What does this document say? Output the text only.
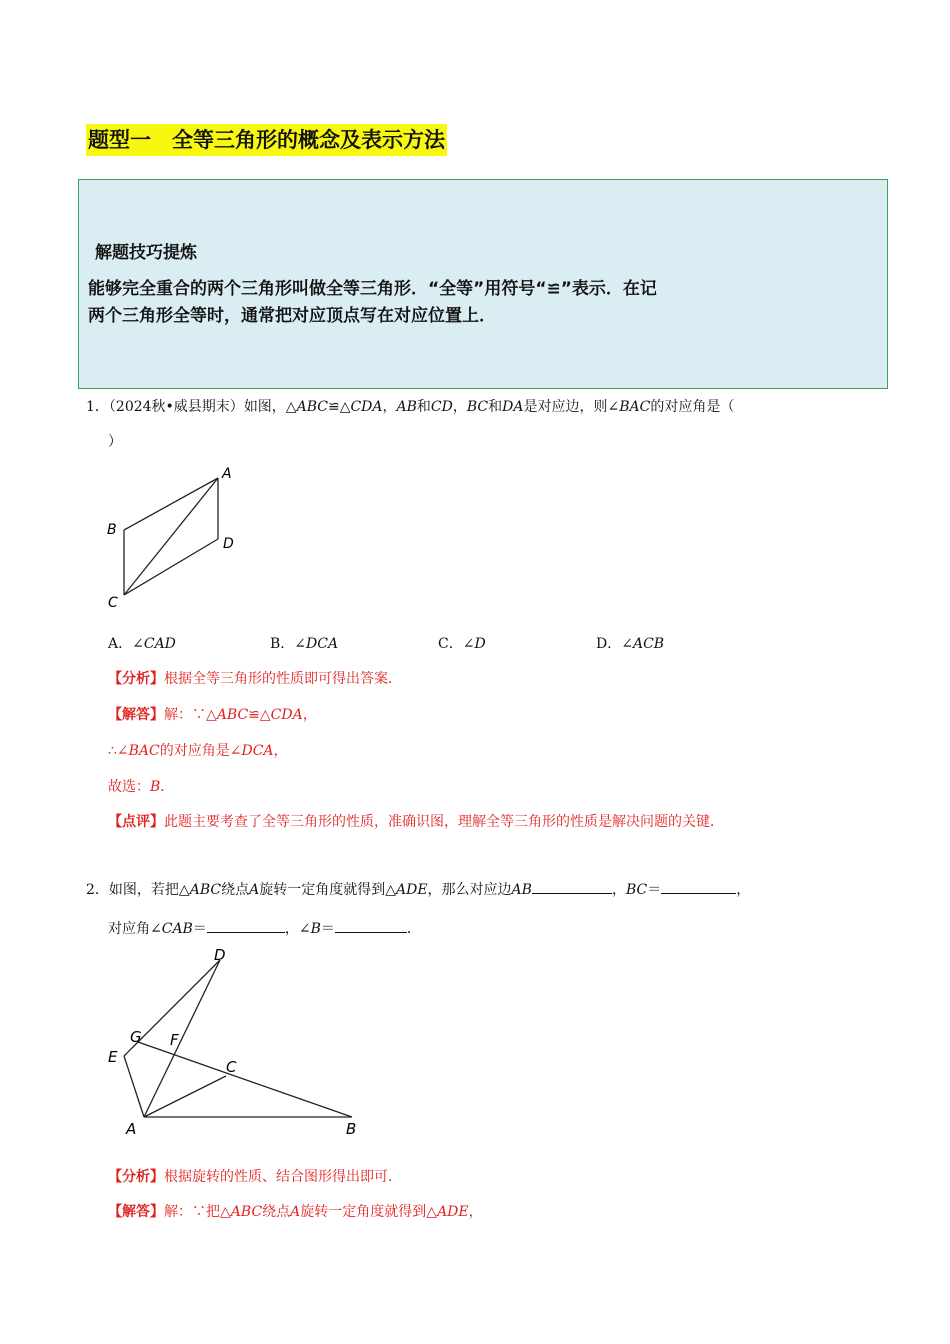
题型一　全等三角形的概念及表示方法
解题技巧提炼
能够完全重合的两个三角形叫做全等三角形．“全等”用符号“≌”表示．在记
两个三角形全等时，通常把对应顶点写在对应位置上．
1．（2024秋•威县期末）如图，△ABC≌△CDA，AB和CD，BC和DA是对应边，则∠BAC的对应角是（
）
A
B
C
D
A．∠CAD	B．∠DCA	C．∠D	D．∠ACB
【分析】根据全等三角形的性质即可得出答案．
【解答】解：∵△ABC≌△CDA，
∴∠BAC的对应角是∠DCA，
故选：B．
【点评】此题主要考查了全等三角形的性质，准确识图，理解全等三角形的性质是解决问题的关键．
2．如图，若把△ABC绕点A旋转一定角度就得到△ADE，那么对应边AB	，BC＝	，
对应角∠CAB＝	，∠B＝	．
D
G F
E
C
A	B
【分析】根据旋转的性质、结合图形得出即可．
【解答】解：∵把△ABC绕点A旋转一定角度就得到△ADE，
